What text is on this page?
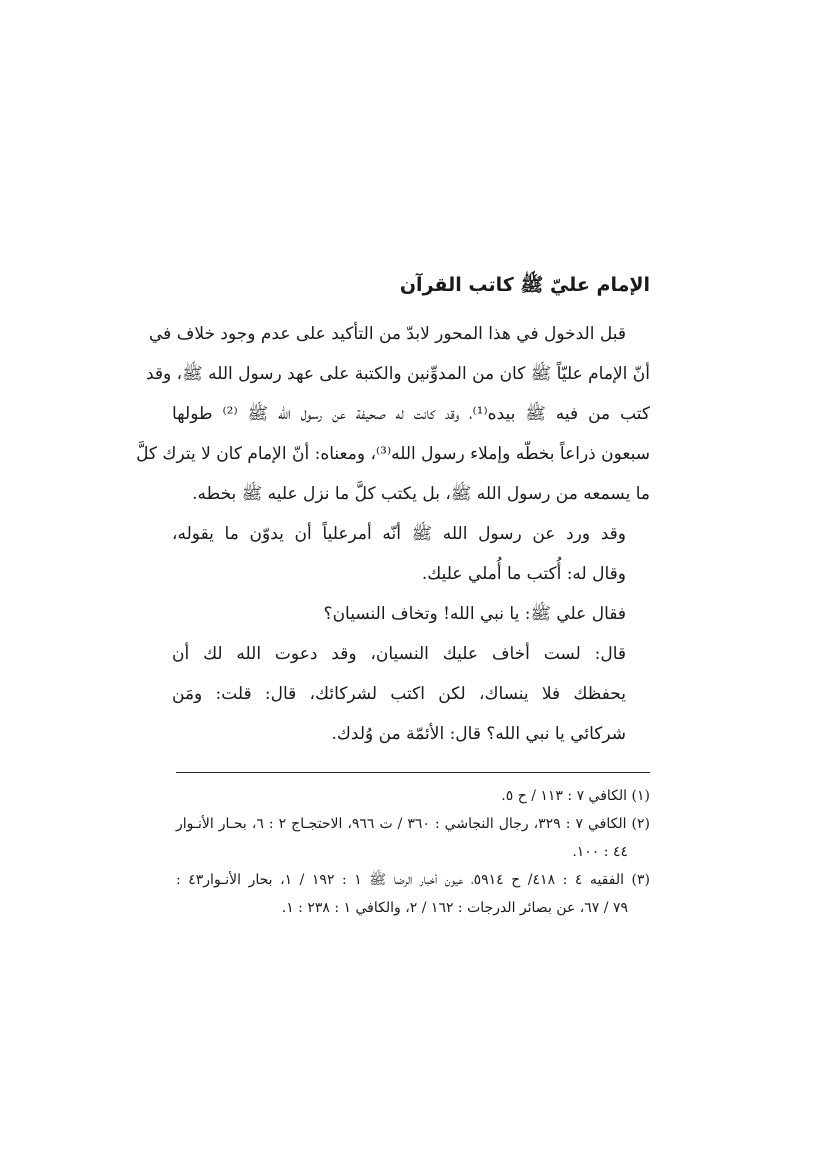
الإمام عليّ ﷺ كاتب القرآن

قبل الدخول في هذا المحور لابدّ من التأكيد على عدم وجود خلاف في

أنّ الإمام عليّاً ﷺ كان من المدوِّنين والكتبة على عهد رسول الله ﷺ، وقد

كتب من فيه ﷺ بيده⁽¹⁾، وقد كانت له صحيفة عن رسول الله ﷺ ⁽²⁾ طولها

سبعون ذراعاً بخطّه وإملاء رسول الله⁽³⁾، ومعناه: أنّ الإمام كان لا يترك كلَّ

ما يسمعه من رسول الله ﷺ، بل يكتب كلَّ ما نزل عليه ﷺ بخطه.

وقد ورد عن رسول الله ﷺ أنّه أمرعلياً أن يدوّن ما يقوله،

وقال له: أُكتب ما أُملي عليك.

فقال علي ﷺ: يا نبي الله! وتخاف النسيان؟

قال: لست أخاف عليك النسيان، وقد دعوت الله لك أن

يحفظك فلا ينساك، لكن اكتب لشركائك، قال: قلت: ومَن

شركائي يا نبي الله؟ قال: الأئمّة من وُلدك.

(١) الكافي ٧ : ١١٣ / ح ٥.

(٢) الكافي ٧ : ٣٢٩، رجال النجاشي : ٣٦٠ / ت ٩٦٦، الاحتجـاج ٢ : ٦، بحـار الأنـوار

٤٤ : ١٠٠.

(٣) الفقيه ٤ : ٤١٨/ ح ٥٩١٤، عيون أخبار الرضا ﷺ ١ : ١٩٢ / ١، بحار الأنـوار٤٣ :

٧٩ / ٦٧، عن بصائر الدرجات : ١٦٢ / ٢، والكافي ١ : ٢٣٨ : ١.
